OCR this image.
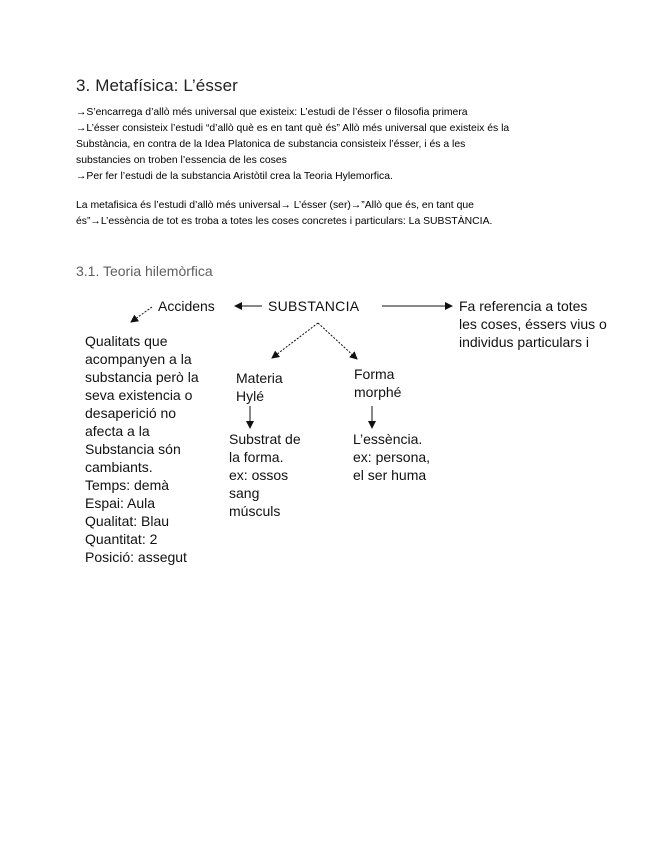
3. Metafísica: L’ésser
→S’encarrega d’allò més universal que existeix: L’estudi de l’ésser o filosofia primera
→L’ésser consisteix l’estudi “d’allò què es en tant què és” Allò més universal que existeix és la
Substància, en contra de la Idea Platonica de substancia consisteix l’ésser, i és a les
substancies on troben l’essencia de les coses
→Per fer l’estudi de la substancia Aristòtil crea la Teoria Hylemorfica.
La metafisica és l’estudi d’allò més universal→ L’ésser (ser)→”Allò que és, en tant que
és”→L’essència de tot es troba a totes les coses concretes i particulars: La SUBSTÀNCIA.
3.1. Teoria hilemòrfica
Accidens	SUBSTANCIA	Fa referencia a totes
les coses, éssers vius o
individus particulars i
Qualitats que
acompanyen a la
substancia però la
seva existencia o
desaperició no
afecta a la
Substancia són
cambiants.
Temps: demà
Espai: Aula
Qualitat: Blau
Quantitat: 2
Posició: assegut
Materia
Hylé
Forma
morphé
Substrat de
la forma.
ex: ossos
sang
músculs
L’essència.
ex: persona,
el ser huma
